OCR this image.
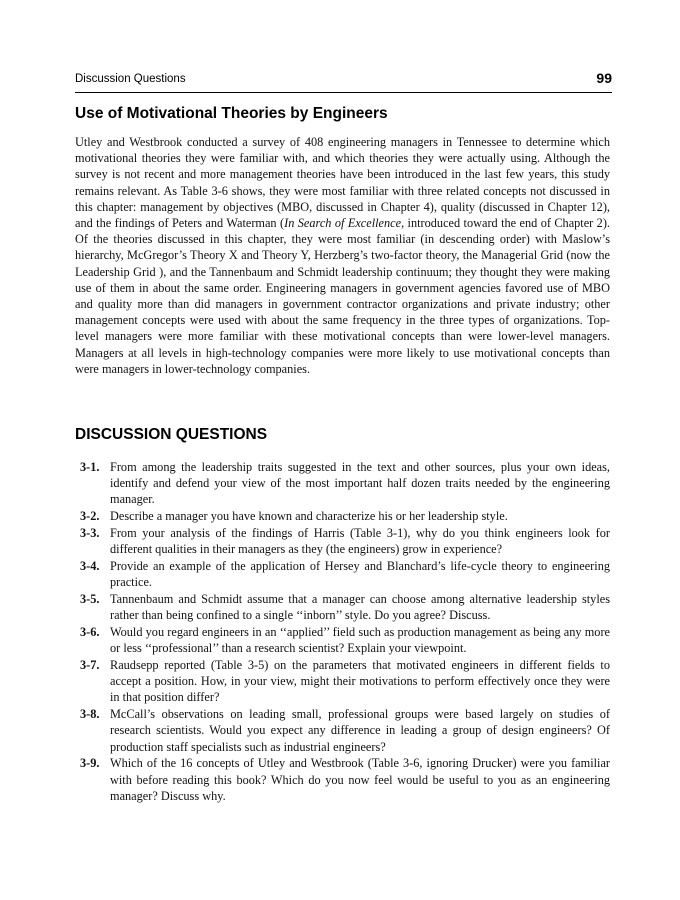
Discussion Questions	99
Use of Motivational Theories by Engineers

Utley and Westbrook conducted a survey of 408 engineering managers in Tennessee to determine which motivational theories they were familiar with, and which theories they were actually using. Although the survey is not recent and more management theories have been introduced in the last few years, this study remains relevant. As Table 3-6 shows, they were most familiar with three related concepts not discussed in this chapter: management by objectives (MBO, discussed in Chapter 4), quality (discussed in Chapter 12), and the findings of Peters and Waterman (In Search of Excellence, introduced toward the end of Chapter 2). Of the theories discussed in this chapter, they were most familiar (in descending order) with Maslow’s hierarchy, McGregor’s Theory X and Theory Y, Herzberg’s two-factor theory, the Managerial Grid (now the Leadership Grid ), and the Tannenbaum and Schmidt leadership continuum; they thought they were making use of them in about the same order. Engineering managers in government agencies favored use of MBO and quality more than did managers in government contractor organizations and private industry; other management concepts were used with about the same frequency in the three types of organizations. Top-level managers were more familiar with these motivational concepts than were lower-level managers. Managers at all levels in high-technology companies were more likely to use motivational concepts than were managers in lower-technology companies.

DISCUSSION QUESTIONS
3-1. From among the leadership traits suggested in the text and other sources, plus your own ideas, identify and defend your view of the most important half dozen traits needed by the engineering manager.
3-2. Describe a manager you have known and characterize his or her leadership style.
3-3. From your analysis of the findings of Harris (Table 3-1), why do you think engineers look for different qualities in their managers as they (the engineers) grow in experience?
3-4. Provide an example of the application of Hersey and Blanchard’s life-cycle theory to engineering practice.
3-5. Tannenbaum and Schmidt assume that a manager can choose among alternative leadership styles rather than being confined to a single ‘‘inborn’’ style. Do you agree? Discuss.
3-6. Would you regard engineers in an ‘‘applied’’ field such as production management as being any more or less ‘‘professional’’ than a research scientist? Explain your viewpoint.
3-7. Raudsepp reported (Table 3-5) on the parameters that motivated engineers in different fields to accept a position. How, in your view, might their motivations to perform effectively once they were in that position differ?
3-8. McCall’s observations on leading small, professional groups were based largely on studies of research scientists. Would you expect any difference in leading a group of design engineers? Of production staff specialists such as industrial engineers?
3-9. Which of the 16 concepts of Utley and Westbrook (Table 3-6, ignoring Drucker) were you familiar with before reading this book? Which do you now feel would be useful to you as an engineering manager? Discuss why.
